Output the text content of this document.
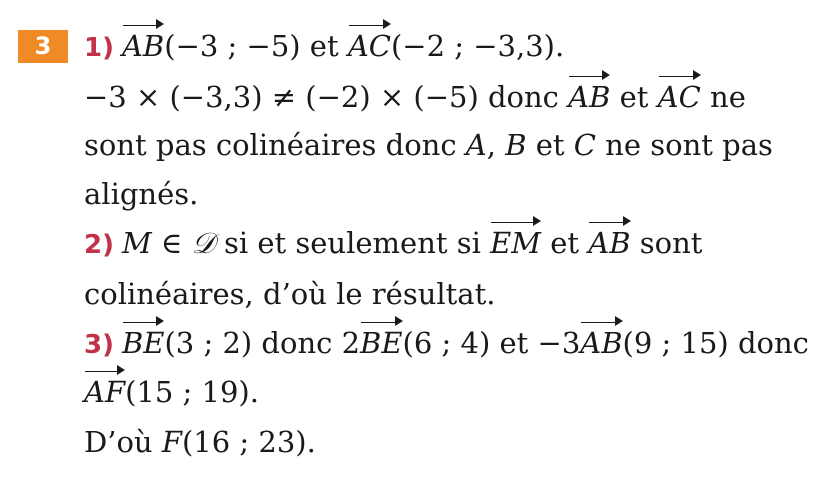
3	1) AB(−3 ; −5) et AC(−2 ; −3,3).
−3 × (−3,3) ≠ (−2) × (−5) donc AB et AC ne
sont pas colinéaires donc A, B et C ne sont pas
alignés.
2) M ∈ 𝒟 si et seulement si EM et AB sont
colinéaires, d’où le résultat.
3) BE(3 ; 2) donc 2BE(6 ; 4) et −3AB(9 ; 15) donc
AF(15 ; 19).
D’où F(16 ; 23).
